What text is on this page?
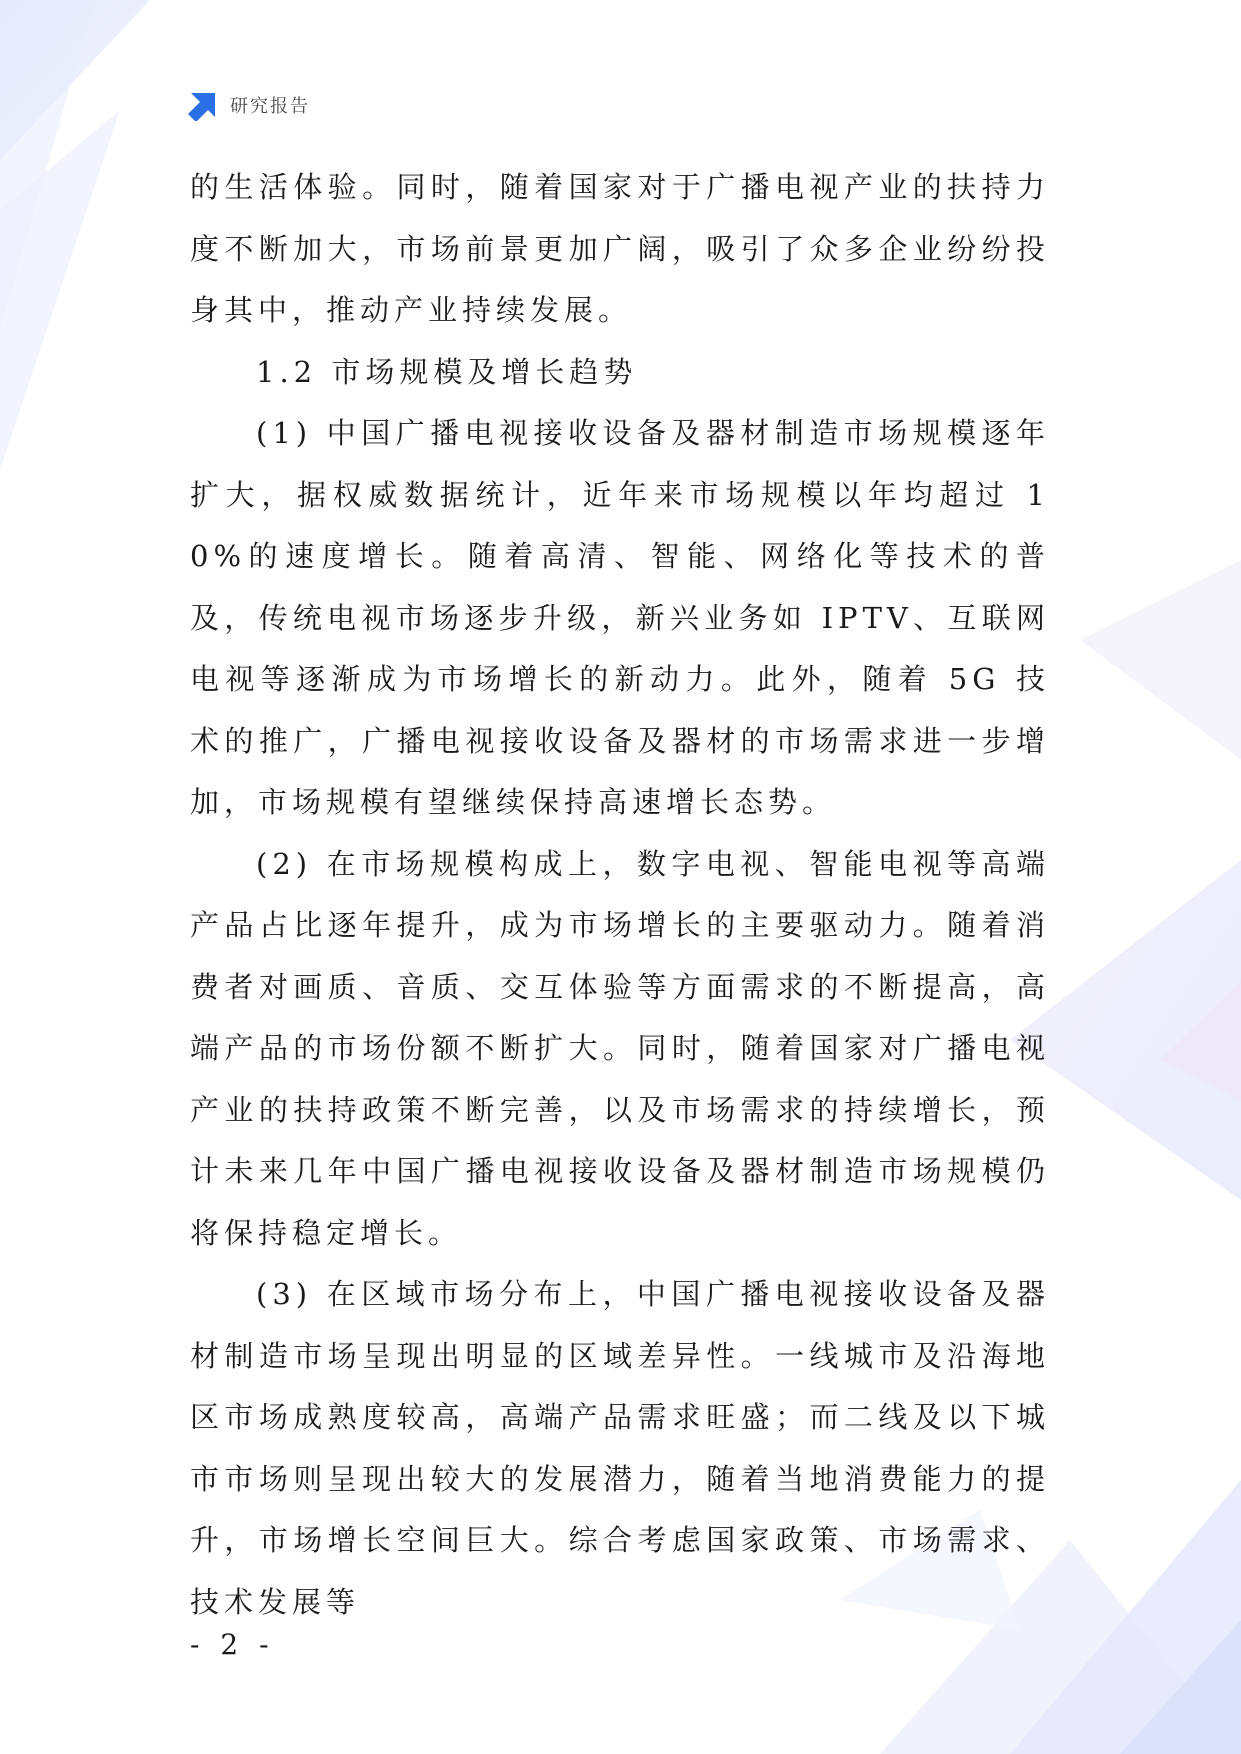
研究报告

的生活体验。同时，随着国家对于广播电视产业的扶持力度不断加大，市场前景更加广阔，吸引了众多企业纷纷投身其中，推动产业持续发展。

1.2 市场规模及增长趋势

(1) 中国广播电视接收设备及器材制造市场规模逐年扩大，据权威数据统计，近年来市场规模以年均超过 10%的速度增长。随着高清、智能、网络化等技术的普及，传统电视市场逐步升级，新兴业务如 IPTV、互联网电视等逐渐成为市场增长的新动力。此外，随着 5G 技术的推广，广播电视接收设备及器材的市场需求进一步增加，市场规模有望继续保持高速增长态势。

(2) 在市场规模构成上，数字电视、智能电视等高端产品占比逐年提升，成为市场增长的主要驱动力。随着消费者对画质、音质、交互体验等方面需求的不断提高，高端产品的市场份额不断扩大。同时，随着国家对广播电视产业的扶持政策不断完善，以及市场需求的持续增长，预计未来几年中国广播电视接收设备及器材制造市场规模仍将保持稳定增长。

(3) 在区域市场分布上，中国广播电视接收设备及器材制造市场呈现出明显的区域差异性。一线城市及沿海地区市场成熟度较高，高端产品需求旺盛；而二线及以下城市市场则呈现出较大的发展潜力，随着当地消费能力的提升，市场增长空间巨大。综合考虑国家政策、市场需求、技术发展等

- 2 -
